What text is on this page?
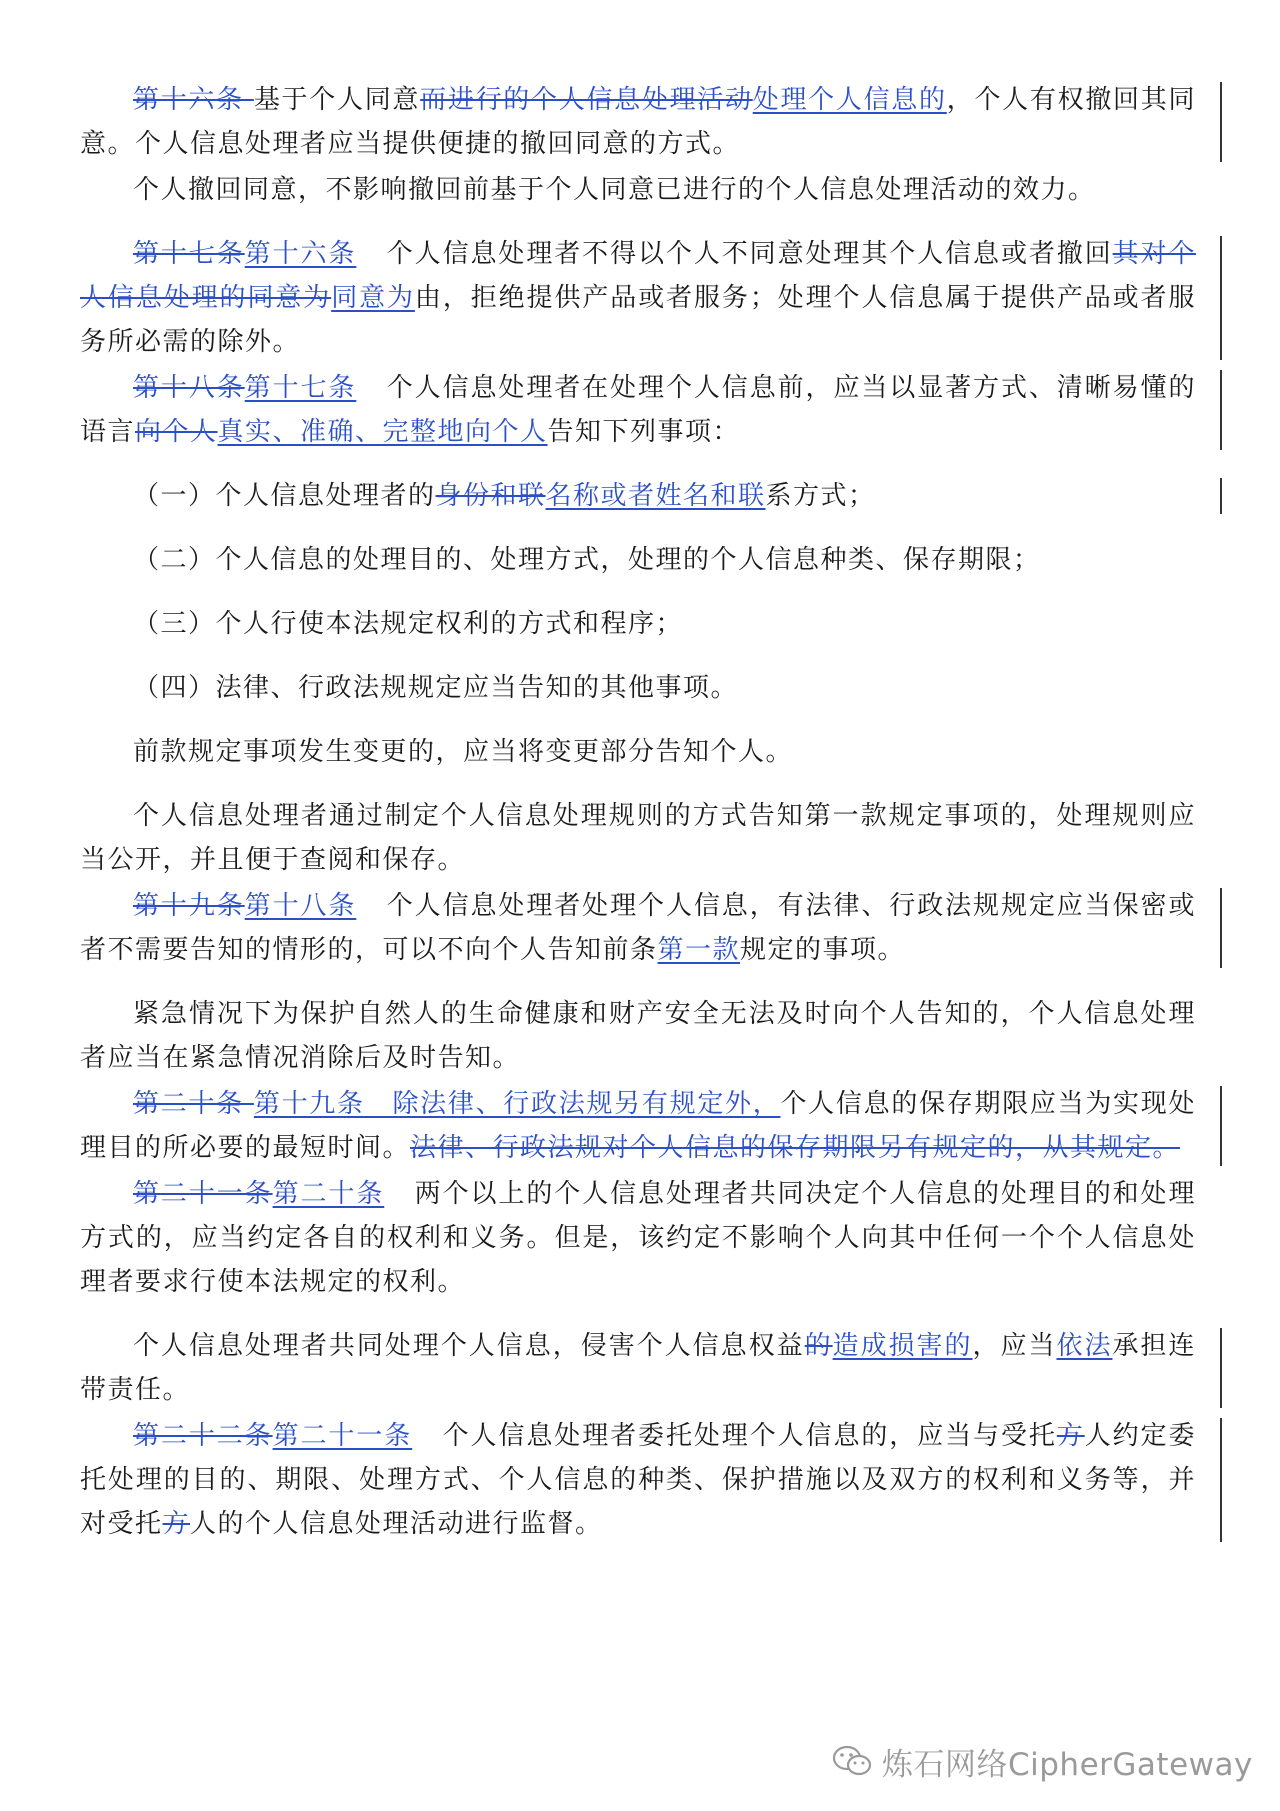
第十六条 基于个人同意而进行的个人信息处理活动处理个人信息的，个人有权撤回其同意。个人信息处理者应当提供便捷的撤回同意的方式。

个人撤回同意，不影响撤回前基于个人同意已进行的个人信息处理活动的效力。

第十七条第十六条 个人信息处理者不得以个人不同意处理其个人信息或者撤回其对个人信息处理的同意为同意为由，拒绝提供产品或者服务；处理个人信息属于提供产品或者服务所必需的除外。

第十八条第十七条 个人信息处理者在处理个人信息前，应当以显著方式、清晰易懂的语言向个人真实、准确、完整地向个人告知下列事项：

（一）个人信息处理者的身份和联名称或者姓名和联系方式；

（二）个人信息的处理目的、处理方式，处理的个人信息种类、保存期限；

（三）个人行使本法规定权利的方式和程序；

（四）法律、行政法规规定应当告知的其他事项。

前款规定事项发生变更的，应当将变更部分告知个人。

个人信息处理者通过制定个人信息处理规则的方式告知第一款规定事项的，处理规则应当公开，并且便于查阅和保存。

第十九条第十八条 个人信息处理者处理个人信息，有法律、行政法规规定应当保密或者不需要告知的情形的，可以不向个人告知前条第一款规定的事项。

紧急情况下为保护自然人的生命健康和财产安全无法及时向个人告知的，个人信息处理者应当在紧急情况消除后及时告知。

第二十条 第十九条　除法律、行政法规另有规定外，个人信息的保存期限应当为实现处理目的所必要的最短时间。法律、行政法规对个人信息的保存期限另有规定的，从其规定。

第二十一条第二十条 两个以上的个人信息处理者共同决定个人信息的处理目的和处理方式的，应当约定各自的权利和义务。但是，该约定不影响个人向其中任何一个个人信息处理者要求行使本法规定的权利。

个人信息处理者共同处理个人信息，侵害个人信息权益的造成损害的，应当依法承担连带责任。

第二十二条第二十一条 个人信息处理者委托处理个人信息的，应当与受托方人约定委托处理的目的、期限、处理方式、个人信息的种类、保护措施以及双方的权利和义务等，并对受托方人的个人信息处理活动进行监督。

炼石网络CipherGateway
